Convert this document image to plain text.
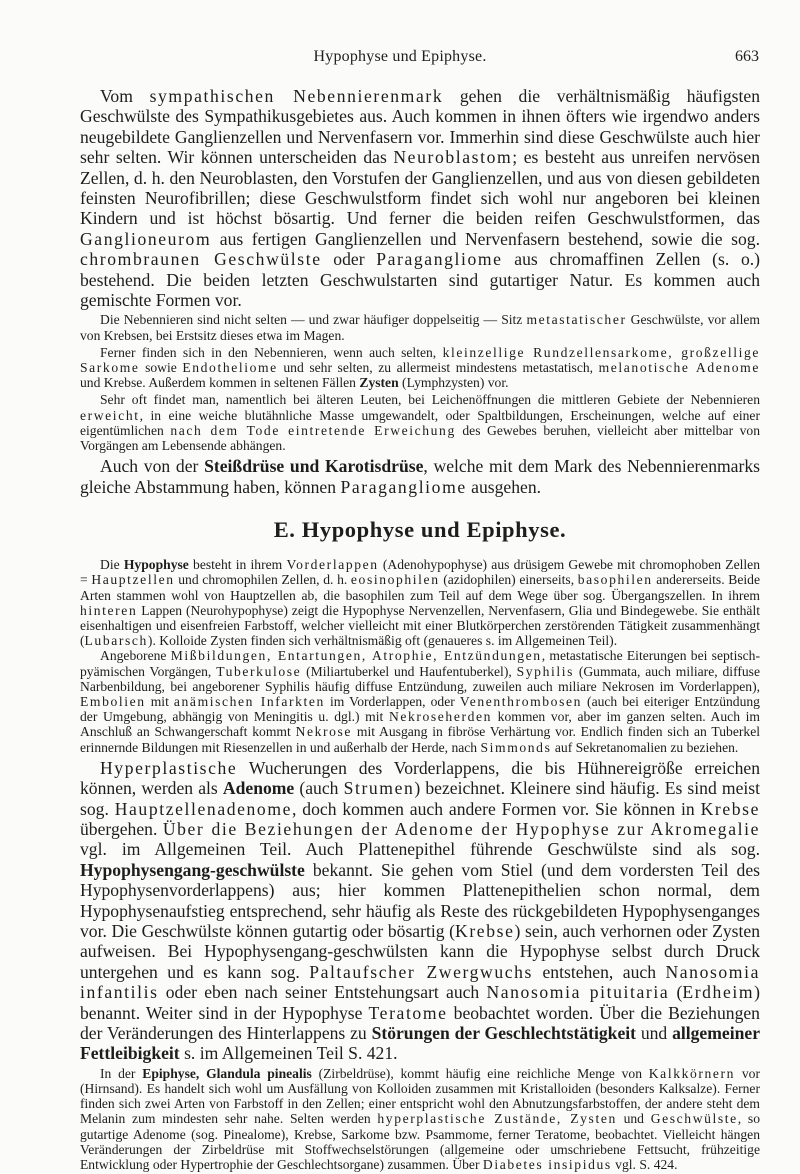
Hypophyse und Epiphyse.	663

Vom sympathischen Nebennierenmark gehen die verhältnismäßig häufigsten Geschwülste des Sympathikusgebietes aus. Auch kommen in ihnen öfters wie irgendwo anders neugebildete Ganglienzellen und Nervenfasern vor. Immerhin sind diese Geschwülste auch hier sehr selten. Wir können unterscheiden das Neuroblastom; es besteht aus unreifen nervösen Zellen, d. h. den Neuroblasten, den Vorstufen der Ganglienzellen, und aus von diesen gebildeten feinsten Neurofibrillen; diese Geschwulstform findet sich wohl nur angeboren bei kleinen Kindern und ist höchst bösartig. Und ferner die beiden reifen Geschwulstformen, das Ganglioneurom aus fertigen Ganglienzellen und Nervenfasern bestehend, sowie die sog. chrombraunen Geschwülste oder Paragangliome aus chromaffinen Zellen (s. o.) bestehend. Die beiden letzten Geschwulstarten sind gutartiger Natur. Es kommen auch gemischte Formen vor.

Die Nebennieren sind nicht selten — und zwar häufiger doppelseitig — Sitz metastatischer Geschwülste, vor allem von Krebsen, bei Erstsitz dieses etwa im Magen.

Ferner finden sich in den Nebennieren, wenn auch selten, kleinzellige Rundzellensarkome, großzellige Sarkome sowie Endotheliome und sehr selten, zu allermeist mindestens metastatisch, melanotische Adenome und Krebse. Außerdem kommen in seltenen Fällen Zysten (Lymphzysten) vor.

Sehr oft findet man, namentlich bei älteren Leuten, bei Leichenöffnungen die mittleren Gebiete der Nebennieren erweicht, in eine weiche blutähnliche Masse umgewandelt, oder Spaltbildungen, Erscheinungen, welche auf einer eigentümlichen nach dem Tode eintretende Erweichung des Gewebes beruhen, vielleicht aber mittelbar von Vorgängen am Lebensende abhängen.

Auch von der Steißdrüse und Karotisdrüse, welche mit dem Mark des Nebennierenmarks gleiche Abstammung haben, können Paragangliome ausgehen.

E. Hypophyse und Epiphyse.

Die Hypophyse besteht in ihrem Vorderlappen (Adenohypophyse) aus drüsigem Gewebe mit chromophoben Zellen = Hauptzellen und chromophilen Zellen, d. h. eosinophilen (azidophilen) einerseits, basophilen andererseits. Beide Arten stammen wohl von Hauptzellen ab, die basophilen zum Teil auf dem Wege über sog. Übergangszellen. In ihrem hinteren Lappen (Neurohypophyse) zeigt die Hypophyse Nervenzellen, Nervenfasern, Glia und Bindegewebe. Sie enthält eisenhaltigen und eisenfreien Farbstoff, welcher vielleicht mit einer Blutkörperchen zerstörenden Tätigkeit zusammenhängt (Lubarsch). Kolloide Zysten finden sich verhältnismäßig oft (genaueres s. im Allgemeinen Teil).

Angeborene Mißbildungen, Entartungen, Atrophie, Entzündungen, metastatische Eiterungen bei septisch-pyämischen Vorgängen, Tuberkulose (Miliartuberkel und Haufentuberkel), Syphilis (Gummata, auch miliare, diffuse Narbenbildung, bei angeborener Syphilis häufig diffuse Entzündung, zuweilen auch miliare Nekrosen im Vorderlappen), Embolien mit anämischen Infarkten im Vorderlappen, oder Venenthrombosen (auch bei eiteriger Entzündung der Umgebung, abhängig von Meningitis u. dgl.) mit Nekroseherden kommen vor, aber im ganzen selten. Auch im Anschluß an Schwangerschaft kommt Nekrose mit Ausgang in fibröse Verhärtung vor. Endlich finden sich an Tuberkel erinnernde Bildungen mit Riesenzellen in und außerhalb der Herde, nach Simmonds auf Sekretanomalien zu beziehen.

Hyperplastische Wucherungen des Vorderlappens, die bis Hühnereigröße erreichen können, werden als Adenome (auch Strumen) bezeichnet. Kleinere sind häufig. Es sind meist sog. Hauptzellenadenome, doch kommen auch andere Formen vor. Sie können in Krebse übergehen. Über die Beziehungen der Adenome der Hypophyse zur Akromegalie vgl. im Allgemeinen Teil. Auch Plattenepithel führende Geschwülste sind als sog. Hypophysengang-geschwülste bekannt. Sie gehen vom Stiel (und dem vordersten Teil des Hypophysenvorderlappens) aus; hier kommen Plattenepithelien schon normal, dem Hypophysenaufstieg entsprechend, sehr häufig als Reste des rückgebildeten Hypophysenganges vor. Die Geschwülste können gutartig oder bösartig (Krebse) sein, auch verhornen oder Zysten aufweisen. Bei Hypophysengang-geschwülsten kann die Hypophyse selbst durch Druck untergehen und es kann sog. Paltaufscher Zwergwuchs entstehen, auch Nanosomia infantilis oder eben nach seiner Entstehungsart auch Nanosomia pituitaria (Erdheim) benannt. Weiter sind in der Hypophyse Teratome beobachtet worden. Über die Beziehungen der Veränderungen des Hinterlappens zu Störungen der Geschlechtstätigkeit und allgemeiner Fettleibigkeit s. im Allgemeinen Teil S. 421.

In der Epiphyse, Glandula pinealis (Zirbeldrüse), kommt häufig eine reichliche Menge von Kalkkörnern vor (Hirnsand). Es handelt sich wohl um Ausfällung von Kolloiden zusammen mit Kristalloiden (besonders Kalksalze). Ferner finden sich zwei Arten von Farbstoff in den Zellen; einer entspricht wohl den Abnutzungsfarbstoffen, der andere steht dem Melanin zum mindesten sehr nahe. Selten werden hyperplastische Zustände, Zysten und Geschwülste, so gutartige Adenome (sog. Pinealome), Krebse, Sarkome bzw. Psammome, ferner Teratome, beobachtet. Vielleicht hängen Veränderungen der Zirbeldrüse mit Stoffwechselstörungen (allgemeine oder umschriebene Fettsucht, frühzeitige Entwicklung oder Hypertrophie der Geschlechtsorgane) zusammen. Über Diabetes insipidus vgl. S. 424.
